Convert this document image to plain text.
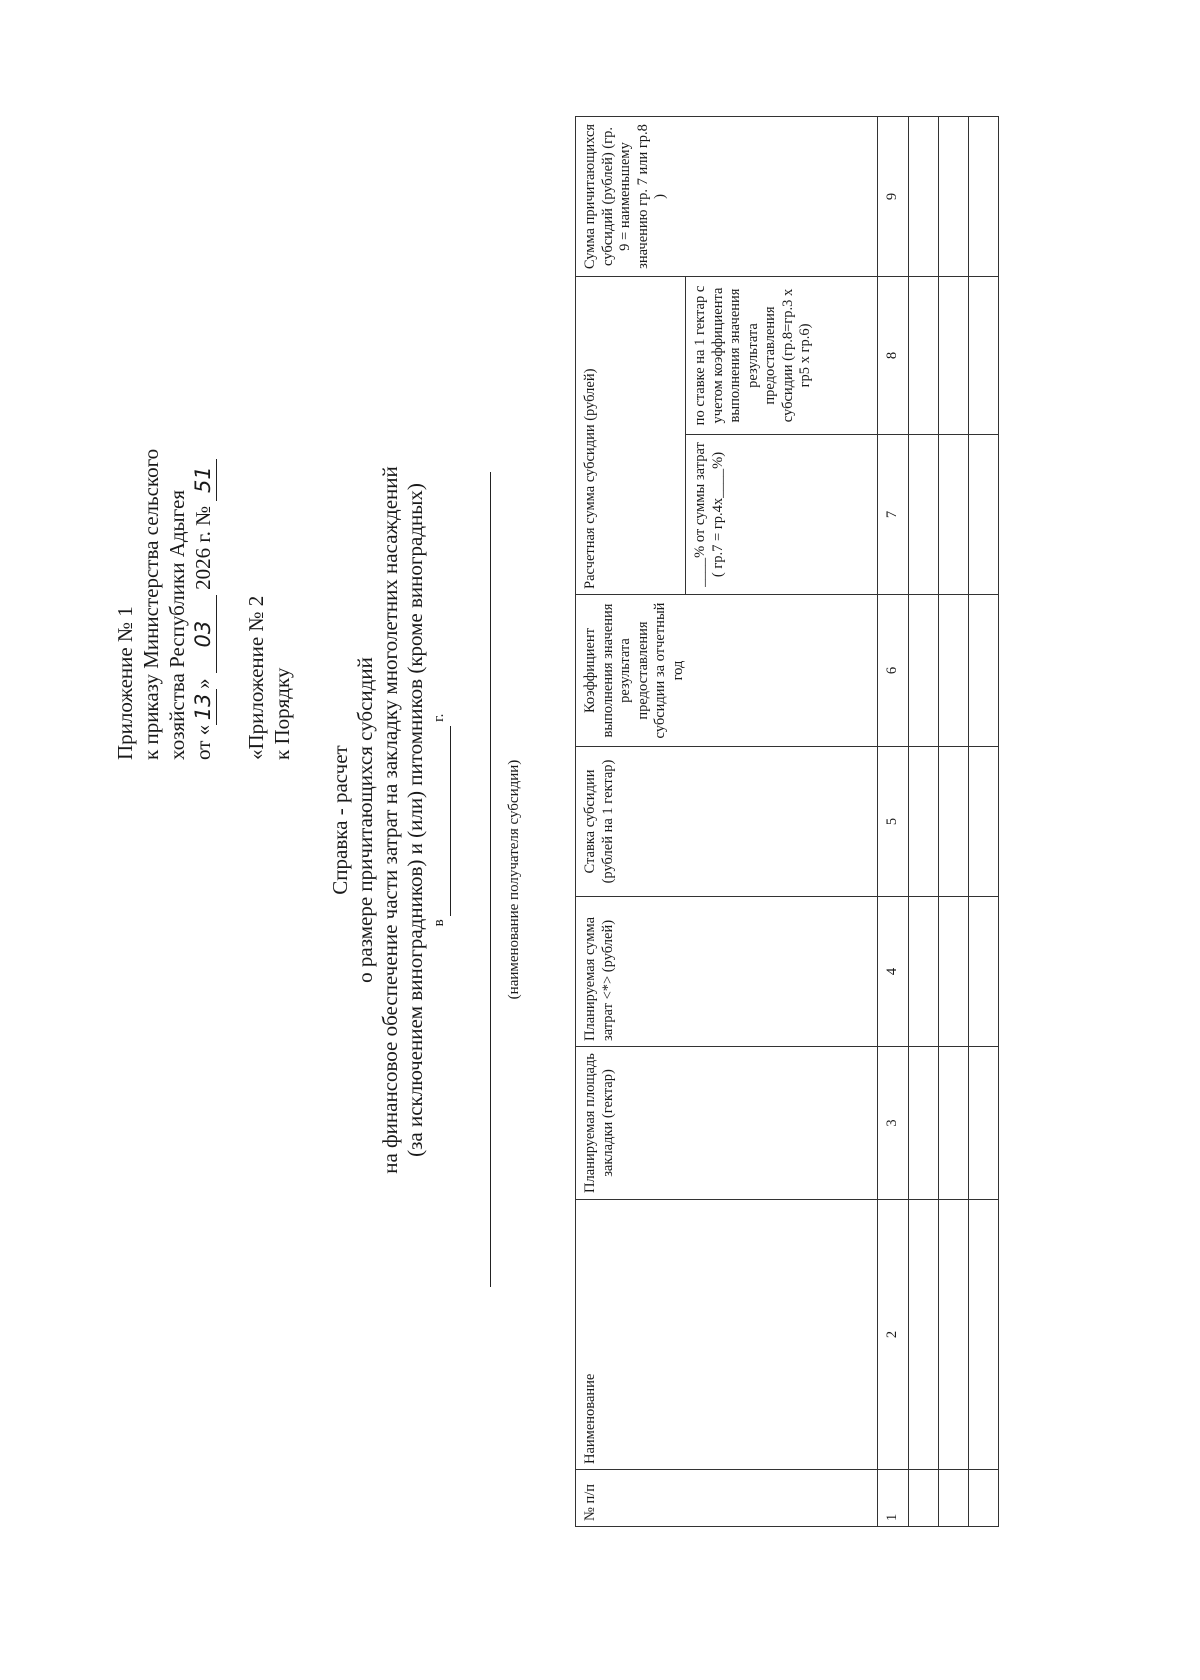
Приложение № 1 к приказу Министерства сельского хозяйства Республики Адыгея от «13» 03 2026 г. № 51
«Приложение № 2 к Порядку
Справка - расчет о размере причитающихся субсидий на финансовое обеспечение части затрат на закладку многолетних насаждений (за исключением виноградников) и (или) питомников (кроме виноградных) в   г.
(наименование получателя субсидии)
№ п/п	Наименование	Планируемая площадь закладки (гектар)	Планируемая сумма затрат <*> (рублей)	Ставка субсидии (рублей на 1 гектар)	Коэффициент выполнения значения результата предоставления субсидии за отчетный год	Расчетная сумма субсидии (рублей)		Сумма причитающихся субсидий (рублей) (гр. 9 = наименьшему значению гр. 7 или гр.8 )
						____% от суммы затрат ( гр.7 = гр.4х____%)	по ставке на 1 гектар с учетом коэффициента выполнения значения результата предоставления субсидии (гр.8=гр.3 х гр5 х гр.6)	
1	2	3	4	5	6	7	8	9
